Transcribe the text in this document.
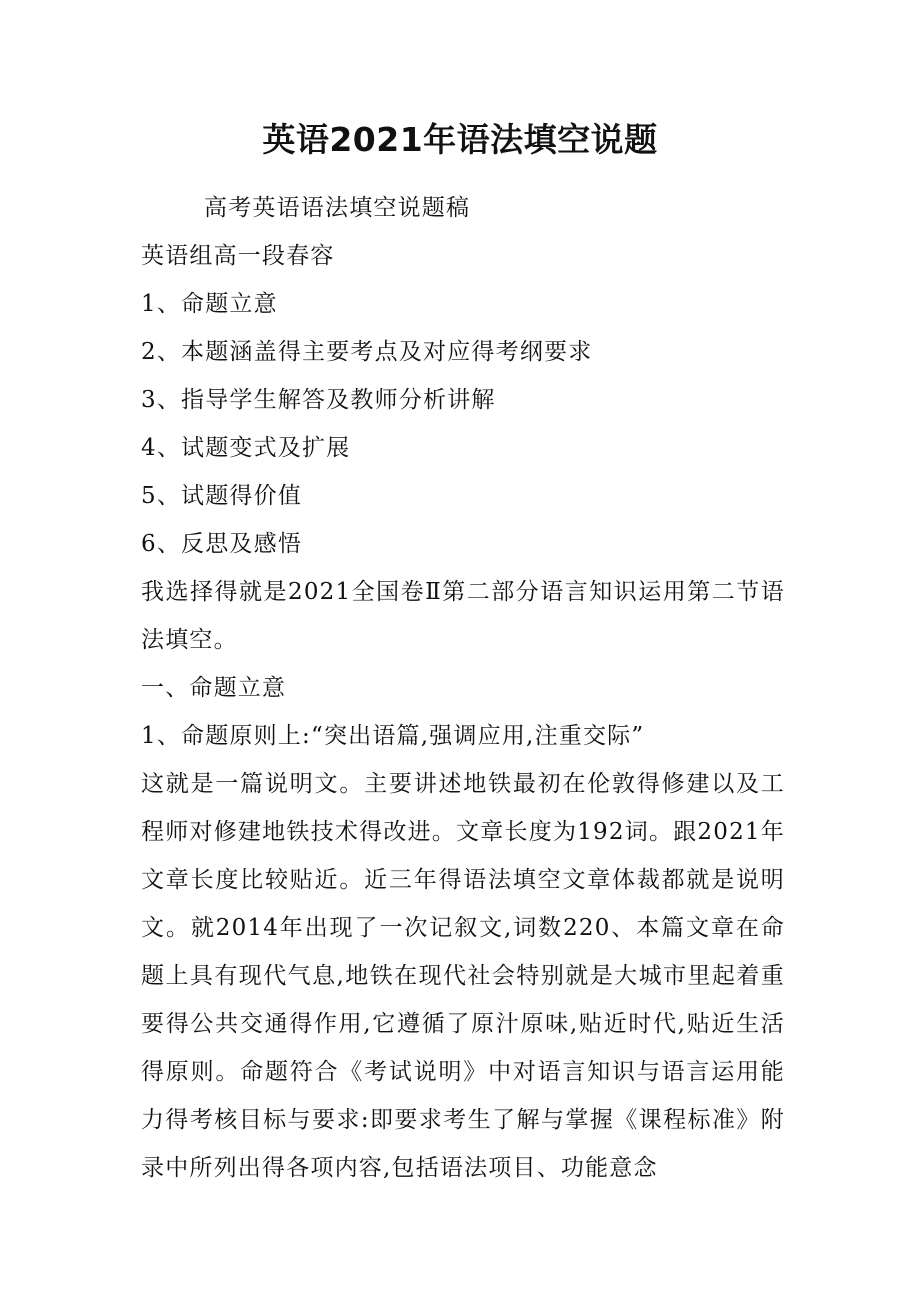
英语2021年语法填空说题

高考英语语法填空说题稿

英语组高一段春容

1、命题立意

2、本题涵盖得主要考点及对应得考纲要求

3、指导学生解答及教师分析讲解

4、试题变式及扩展

5、试题得价值

6、反思及感悟

我选择得就是2021全国卷Ⅱ第二部分语言知识运用第二节语法填空。

一、命题立意

1、命题原则上:“突出语篇,强调应用,注重交际”

这就是一篇说明文。主要讲述地铁最初在伦敦得修建以及工程师对修建地铁技术得改进。文章长度为192词。跟2021年文章长度比较贴近。近三年得语法填空文章体裁都就是说明文。就2014年出现了一次记叙文,词数220、本篇文章在命题上具有现代气息,地铁在现代社会特别就是大城市里起着重要得公共交通得作用,它遵循了原汁原味,贴近时代,贴近生活得原则。命题符合《考试说明》中对语言知识与语言运用能力得考核目标与要求:即要求考生了解与掌握《课程标准》附录中所列出得各项内容,包括语法项目、功能意念
